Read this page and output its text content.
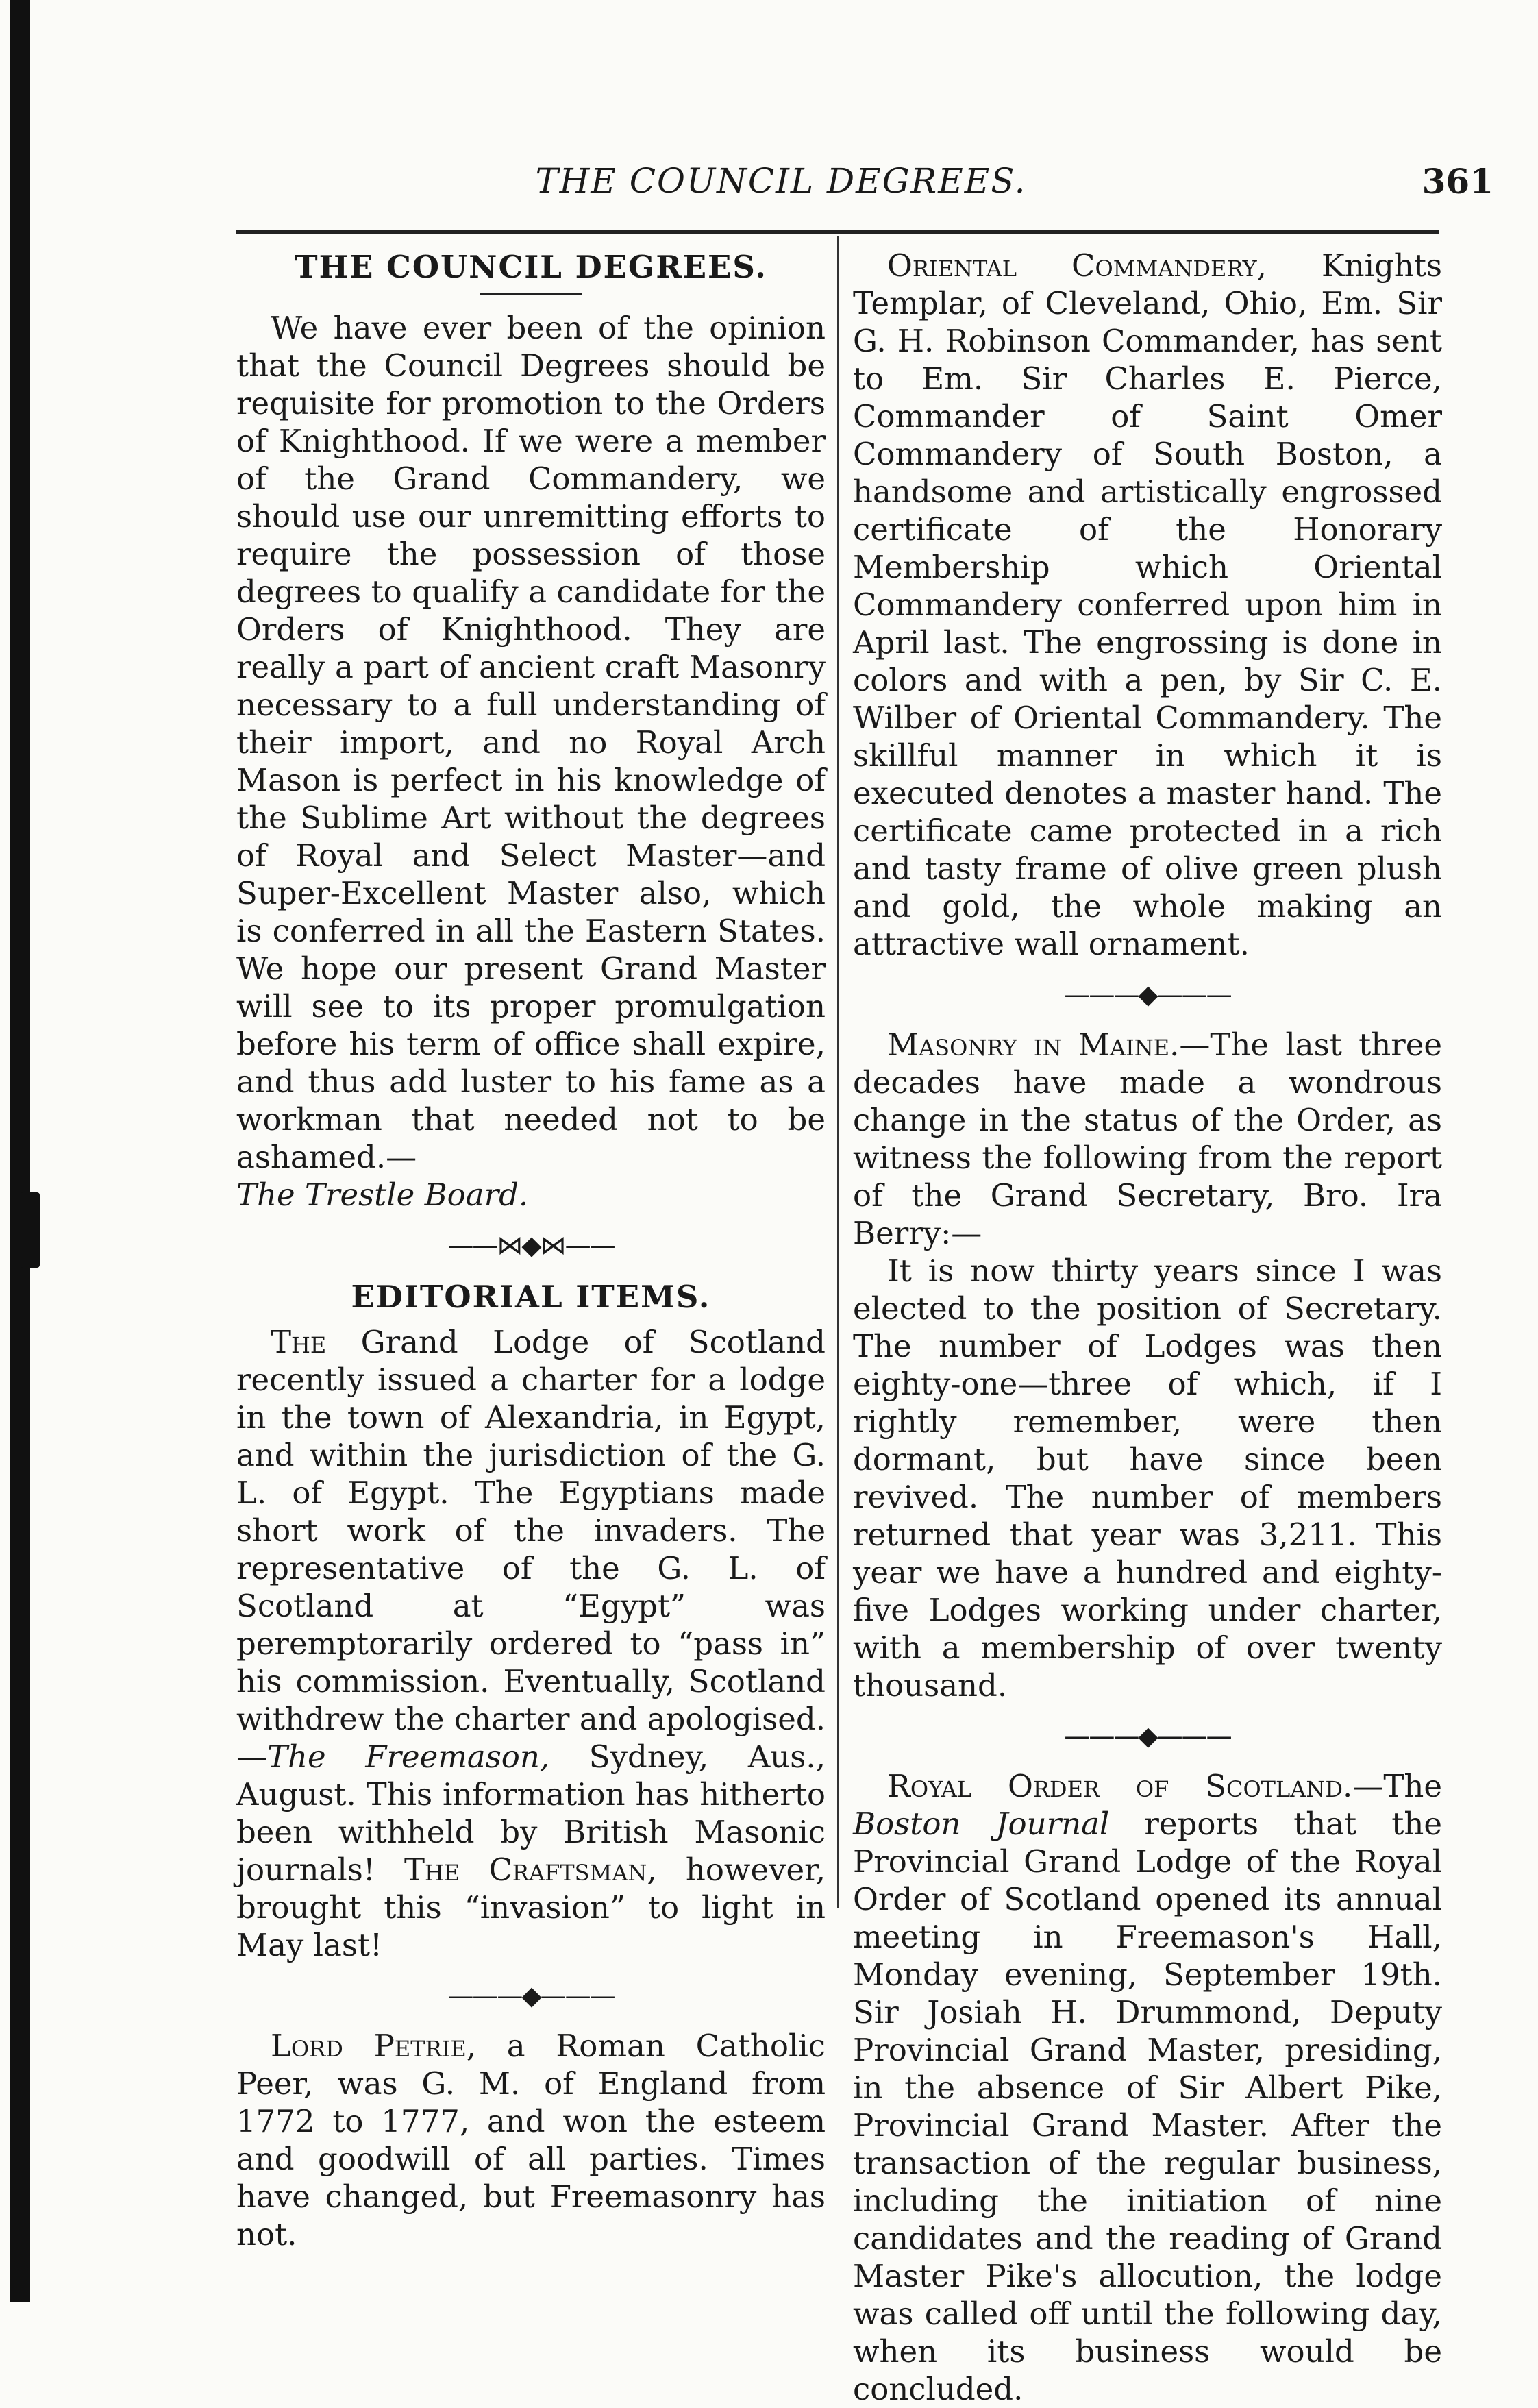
THE COUNCIL DEGREES.	361
THE COUNCIL DEGREES.

We have ever been of the opinion that the Council Degrees should be requisite for promotion to the Orders of Knighthood. If we were a member of the Grand Commandery, we should use our unremitting efforts to require the possession of those degrees to qualify a candidate for the Orders of Knighthood. They are really a part of ancient craft Masonry necessary to a full understanding of their import, and no Royal Arch Mason is perfect in his knowledge of the Sublime Art without the degrees of Royal and Select Master—and Super-Excellent Master also, which is conferred in all the Eastern States. We hope our present Grand Master will see to its proper promulgation before his term of office shall expire, and thus add luster to his fame as a workman that needed not to be ashamed.—
The Trestle Board.

——⋈◆⋈——
EDITORIAL ITEMS.

The Grand Lodge of Scotland recently issued a charter for a lodge in the town of Alexandria, in Egypt, and within the jurisdiction of the G. L. of Egypt. The Egyptians made short work of the invaders. The representative of the G. L. of Scotland at “Egypt” was peremptorarily ordered to “pass in” his commission. Eventually, Scotland withdrew the charter and apologised.—The Freemason, Sydney, Aus., August. This information has hitherto been withheld by British Masonic journals! The Craftsman, however, brought this “invasion” to light in May last!

———◆———

Lord Petrie, a Roman Catholic Peer, was G. M. of England from 1772 to 1777, and won the esteem and goodwill of all parties. Times have changed, but Freemasonry has not.

Oriental Commandery, Knights Templar, of Cleveland, Ohio, Em. Sir G. H. Robinson Commander, has sent to Em. Sir Charles E. Pierce, Commander of Saint Omer Commandery of South Boston, a handsome and artistically engrossed certificate of the Honorary Membership which Oriental Commandery conferred upon him in April last. The engrossing is done in colors and with a pen, by Sir C. E. Wilber of Oriental Commandery. The skillful manner in which it is executed denotes a master hand. The certificate came protected in a rich and tasty frame of olive green plush and gold, the whole making an attractive wall ornament.

———◆———

Masonry in Maine.—The last three decades have made a wondrous change in the status of the Order, as witness the following from the report of the Grand Secretary, Bro. Ira Berry:—

It is now thirty years since I was elected to the position of Secretary. The number of Lodges was then eighty-one—three of which, if I rightly remember, were then dormant, but have since been revived. The number of members returned that year was 3,211. This year we have a hundred and eighty-five Lodges working under charter, with a membership of over twenty thousand.

———◆———

Royal Order of Scotland.—The Boston Journal reports that the Provincial Grand Lodge of the Royal Order of Scotland opened its annual meeting in Freemason's Hall, Monday evening, September 19th. Sir Josiah H. Drummond, Deputy Provincial Grand Master, presiding, in the absence of Sir Albert Pike, Provincial Grand Master. After the transaction of the regular business, including the initiation of nine candidates and the reading of Grand Master Pike's allocution, the lodge was called off until the following day, when its business would be concluded.
